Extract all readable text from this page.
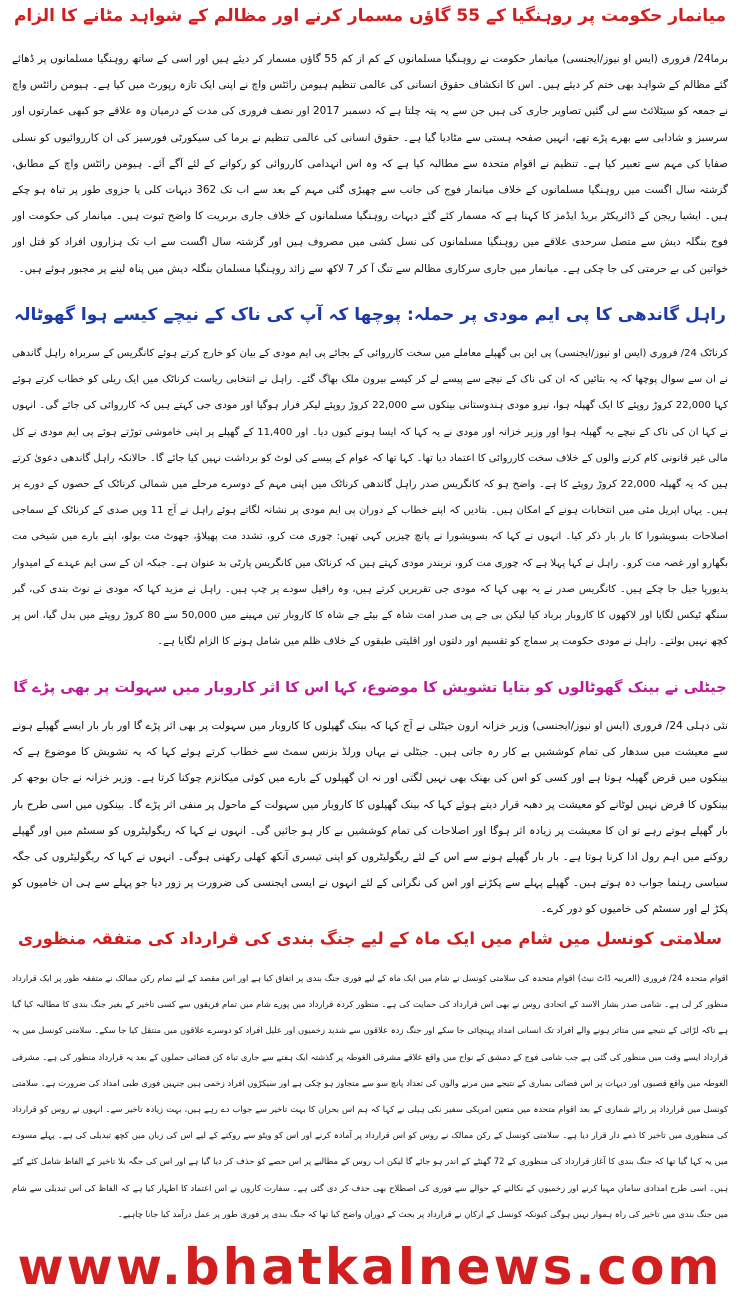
میانمار حکومت پر روہنگیا کے 55 گاؤں مسمار کرنے اور مظالم کے شواہد مٹانے کا الزام

برما24/ فروری (ایس او نیوز/ایجنسی) میانمار حکومت نے روہنگیا مسلمانوں کے کم از کم 55 گاؤں مسمار کر دیئے ہیں اور اسی کے ساتھ روہنگیا مسلمانوں پر ڈھائے گئے مظالم کے شواہد بھی ختم کر دیئے ہیں۔ اس کا انکشاف حقوق انسانی کی عالمی تنظیم ہیومن رائٹس واچ نے اپنی ایک تازہ رپورٹ میں کیا ہے۔ ہیومن رائٹس واچ نے جمعہ کو سیٹلائٹ سے لی گئیں تصاویر جاری کی ہیں جن سے یہ پتہ چلتا ہے کہ دسمبر 2017 اور نصف فروری کی مدت کے درمیان وہ علاقے جو کبھی عمارتوں اور سرسبز و شادابی سے بھرے پڑے تھے، انہیں صفحہ ہستی سے مٹادیا گیا ہے۔ حقوق انسانی کی عالمی تنظیم نے برما کی سیکورٹی فورسیز کی ان کارروائیوں کو نسلی صفایا کی مہم سے تعبیر کیا ہے۔ تنظیم نے اقوام متحدہ سے مطالبہ کیا ہے کہ وہ اس انہدامی کارروائی کو رکوانے کے لئے آگے آئے۔ ہیومن رائٹس واچ کے مطابق، گزشتہ سال اگست میں روہنگیا مسلمانوں کے خلاف میانمار فوج کی جانب سے چھیڑی گئی مہم کے بعد سے اب تک 362 دیہات کلی یا جزوی طور پر تباہ ہو چکے ہیں۔ ایشیا ریجن کے ڈائریکٹر بریڈ ایڈمز کا کہنا ہے کہ مسمار کئے گئے دیہات روہنگیا مسلمانوں کے خلاف جاری بربریت کا واضح ثبوت ہیں۔ میانمار کی حکومت اور فوج بنگلہ دیش سے متصل سرحدی علاقے میں روہنگیا مسلمانوں کی نسل کشی میں مصروف ہیں اور گزشتہ سال اگست سے اب تک ہزاروں افراد کو قتل اور خواتین کی بے حرمتی کی جا چکی ہے۔ میانمار میں جاری سرکاری مظالم سے تنگ آ کر 7 لاکھ سے زائد روہنگیا مسلمان بنگلہ دیش میں پناہ لینے پر مجبور ہوئے ہیں۔

راہل گاندھی کا پی ایم مودی پر حملہ: پوچھا کہ آپ کی ناک کے نیچے کیسے ہوا گھوٹالہ

کرناٹک 24/ فروری (ایس او نیوز/ایجنسی) پی این بی گھپلے معاملے میں سخت کارروائی کے بجائے پی ایم مودی کے بیان کو خارج کرتے ہوئے کانگریس کے سربراہ راہل گاندھی نے ان سے سوال پوچھا کہ یہ بتائیں کہ ان کی ناک کے نیچے سے پیسے لے کر کیسے بیرون ملک بھاگ گئے۔ راہل نے انتخابی ریاست کرناٹک میں ایک ریلی کو خطاب کرتے ہوئے کہا 22,000 کروڑ روپئے کا ایک گھپلہ ہوا، نیرو مودی ہندوستانی بینکوں سے 22,000 کروڑ روپئے لیکر فرار ہوگیا اور مودی جی کہتے ہیں کہ کارروائی کی جائے گی۔ انہوں نے کہا ان کی ناک کے نیچے یہ گھپلہ ہوا اور وزیر خزانہ اور مودی نے یہ کہا کہ ایسا ہونے کیوں دیا۔ اور 11,400 کے گھپلے پر اپنی خاموشی توڑتے ہوئے پی ایم مودی نے کل مالی غیر قانونی کام کرنے والوں کے خلاف سخت کارروائی کا اعتماد دیا تھا۔ کہا تھا کہ عوام کے پیسے کی لوٹ کو برداشت نہیں کیا جائے گا۔ حالانکہ راہل گاندھی دعویٰ کرتے ہیں کہ یہ گھپلہ 22,000 کروڑ روپئے کا ہے۔ واضح ہو کہ کانگریس صدر راہل گاندھی کرناٹک میں اپنی مہم کے دوسرے مرحلے میں شمالی کرناٹک کے حصوں کے دورے پر ہیں۔ یہاں اپریل مئی میں انتخابات ہونے کے امکان ہیں۔ بتادیں کہ اپنے خطاب کے دوران پی ایم مودی پر نشانہ لگاتے ہوئے راہل نے آج 11 ویں صدی کے کرناٹک کے سماجی اصلاحات بسویشورا کا بار بار ذکر کیا۔ انہوں نے کہا کہ بسویشورا نے پانچ چیزیں کہی تھیں: چوری مت کرو، تشدد مت پھیلاؤ، جھوٹ مت بولو، اپنے بارے میں شیخی مت بگھارو اور غصہ مت کرو۔ راہل نے کہا پہلا ہے کہ چوری مت کرو، نریندر مودی کہتے ہیں کہ کرناٹک میں کانگریس پارٹی بد عنوان ہے۔ جبکہ ان کے سی ایم عہدے کے امیدوار یدیورپا جیل جا چکے ہیں۔ کانگریس صدر نے یہ بھی کہا کہ مودی جی تقریریں کرتے ہیں، وہ رافیل سودے پر چپ ہیں۔ راہل نے مزید کہا کہ مودی نے نوٹ بندی کی، گبر سنگھ ٹیکس لگایا اور لاکھوں کا کاروبار برباد کیا لیکن بی جے پی صدر امت شاہ کے بیٹے جے شاہ کا کاروبار تین مہینے میں 50,000 سے 80 کروڑ روپئے میں بدل گیا، اس پر کچھ نہیں بولتے۔ راہل نے مودی حکومت پر سماج کو تقسیم اور دلتوں اور اقلیتی طبقوں کے خلاف ظلم میں شامل ہونے کا الزام لگایا ہے۔

جیٹلی نے بینک گھوٹالوں کو بتایا تشویش کا موضوع، کہا اس کا اثر کاروبار میں سہولت پر بھی پڑے گا

نئی دہلی 24/ فروری (ایس او نیوز/ایجنسی) وزیر خزانہ ارون جیٹلی نے آج کہا کہ بینک گھپلوں کا کاروبار میں سہولت پر بھی اثر پڑے گا اور بار بار ایسے گھپلے ہونے سے معیشت میں سدھار کی تمام کوششیں بے کار رہ جاتی ہیں۔ جیٹلی نے یہاں ورلڈ بزنس سمٹ سے خطاب کرتے ہوئے کہا کہ یہ تشویش کا موضوع ہے کہ بینکوں میں قرض گھپلہ ہوتا ہے اور کسی کو اس کی بھنک بھی نہیں لگتی اور نہ ان گھپلوں کے بارے میں کوئی میکانزم چوکنا کرتا ہے۔ وزیر خزانہ نے جان بوجھ کر بینکوں کا قرض نہیں لوٹانے کو معیشت پر دھبہ قرار دیتے ہوئے کہا کہ بینک گھپلوں کا کاروبار میں سہولت کے ماحول پر منفی اثر پڑے گا۔ بینکوں میں اسی طرح بار بار گھپلے ہوتے رہے تو ان کا معیشت پر زیادہ اثر ہوگا اور اصلاحات کی تمام کوششیں بے کار ہو جائیں گی۔ انہوں نے کہا کہ ریگولیٹروں کو سسٹم میں اور گھپلے روکنے میں اہم رول ادا کرنا ہوتا ہے۔ بار بار گھپلے ہونے سے اس کے لئے ریگولیٹروں کو اپنی تیسری آنکھ کھلی رکھنی ہوگی۔ انہوں نے کہا کہ ریگولیٹروں کی جگہ سیاسی رہنما جواب دہ ہوتے ہیں۔ گھپلے پہلے سے پکڑنے اور اس کی نگرانی کے لئے انہوں نے ایسی ایجنسی کی ضرورت پر زور دیا جو پہلے سے ہی ان خامیوں کو پکڑ لے اور سسٹم کی خامیوں کو دور کرے۔

سلامتی کونسل میں شام میں ایک ماہ کے لیے جنگ بندی کی قرارداد کی متفقہ منظوری

اقوام متحدہ 24/ فروری (العربیہ ڈاٹ نیٹ) اقوام متحدہ کی سلامتی کونسل نے شام میں ایک ماہ کے لیے فوری جنگ بندی پر اتفاق کیا ہے اور اس مقصد کے لیے تمام رکن ممالک نے متفقہ طور پر ایک قرارداد منظور کر لی ہے۔ شامی صدر بشار الاسد کے اتحادی روس نے بھی اس قرارداد کی حمایت کی ہے۔ منظور کردہ قرارداد میں پورے شام میں تمام فریقوں سے کسی تاخیر کے بغیر جنگ بندی کا مطالبہ کیا گیا ہے تاکہ لڑائی کے نتیجے میں متاثر ہونے والے افراد تک انسانی امداد پہنچائی جا سکے اور جنگ زدہ علاقوں سے شدید زخمیوں اور علیل افراد کو دوسرے علاقوں میں منتقل کیا جا سکے۔ سلامتی کونسل میں یہ قرارداد ایسے وقت میں منظور کی گئی ہے جب شامی فوج کے دمشق کے نواح میں واقع علاقے مشرقی الغوطہ پر گذشتہ ایک ہفتے سے جاری تباہ کن فضائی حملوں کے بعد یہ قرارداد منظور کی ہے۔ مشرقی الغوطہ میں واقع قصبوں اور دیہات پر اس فضائی بمباری کے نتیجے میں مرنے والوں کی تعداد پانچ سو سے متجاوز ہو چکی ہے اور سیکڑوں افراد زخمی ہیں جنہیں فوری طبی امداد کی ضرورت ہے۔ سلامتی کونسل میں قرارداد پر رائے شماری کے بعد اقوام متحدہ میں متعین امریکی سفیر نکی ہیلی نے کہا کہ ہم اس بحران کا بہت تاخیر سے جواب دے رہے ہیں، بہت زیادہ تاخیر سے۔ انہوں نے روس کو قرارداد کی منظوری میں تاخیر کا ذمے دار قرار دیا ہے۔ سلامتی کونسل کے رکن ممالک نے روس کو اس قرارداد پر آمادہ کرنے اور اس کو ویٹو سے روکنے کے لیے اس کی زبان میں کچھ تبدیلی کی ہے۔ پہلے مسودے میں یہ کہا گیا تھا کہ جنگ بندی کا آغاز قرارداد کی منظوری کے 72 گھنٹے کے اندر ہو جائے گا لیکن اب روس کے مطالبے پر اس حصے کو حذف کر دیا گیا ہے اور اس کی جگہ بلا تاخیر کے الفاظ شامل کئے گئے ہیں۔ اسی طرح امدادی سامان مہیا کرنے اور زخمیوں کے نکالنے کے حوالے سے فوری کی اصطلاح بھی حذف کر دی گئی ہے۔ سفارت کاروں نے اس اعتماد کا اظہار کیا ہے کہ الفاظ کی اس تبدیلی سے شام میں جنگ بندی میں تاخیر کی راہ ہموار نہیں ہوگی کیونکہ کونسل کے ارکان نے قرارداد پر بحث کے دوران واضح کیا تھا کہ جنگ بندی پر فوری طور پر عمل درآمد کیا جانا چاہیے۔

www.bhatkalnews.com
